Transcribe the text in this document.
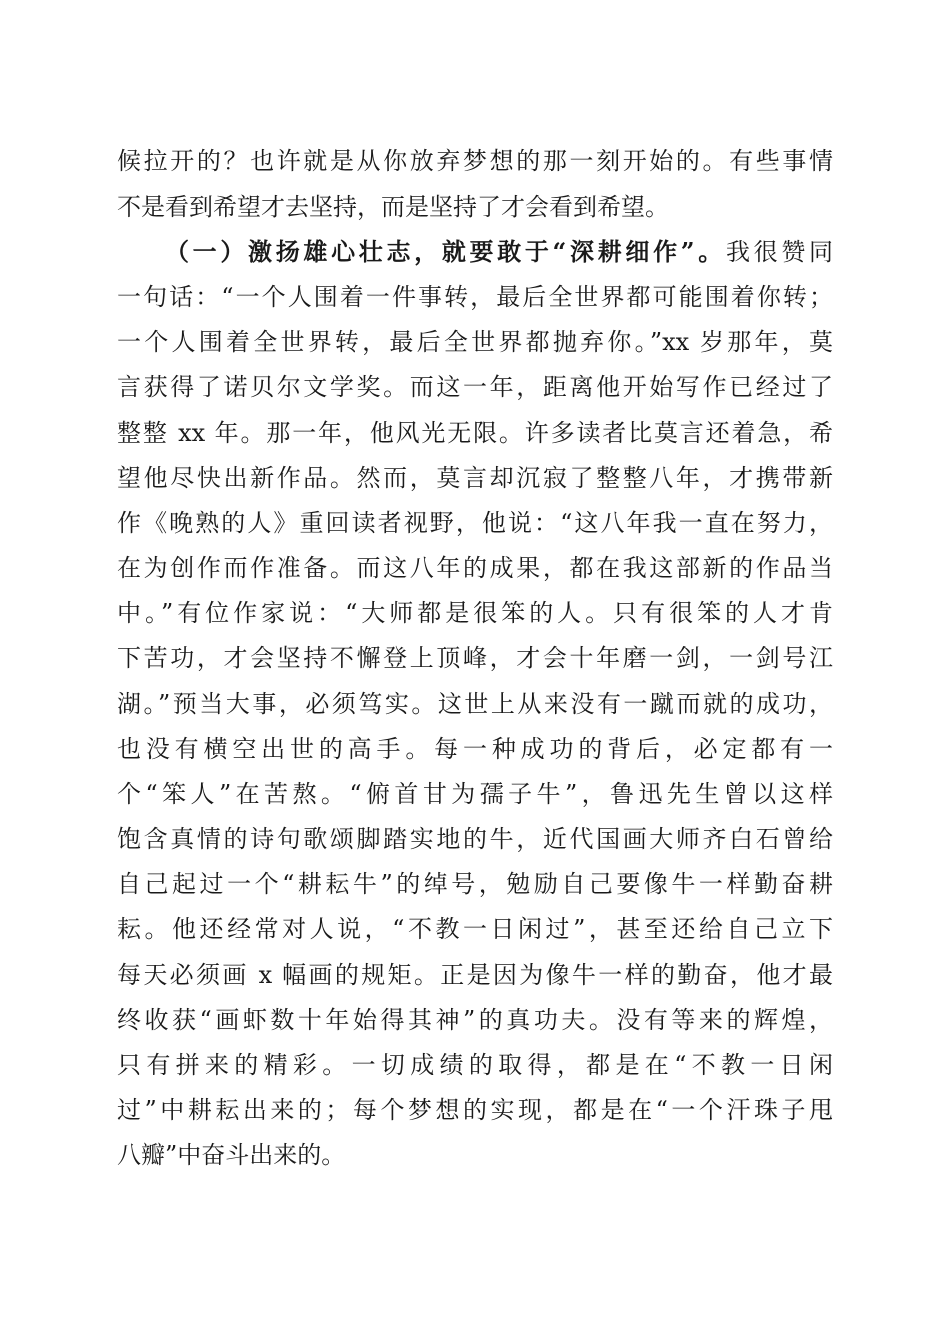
候拉开的？也许就是从你放弃梦想的那一刻开始的。有些事情
不是看到希望才去坚持，而是坚持了才会看到希望。
（一）激扬雄心壮志，就要敢于“深耕细作”。我很赞同
一句话：“一个人围着一件事转，最后全世界都可能围着你转；
一个人围着全世界转，最后全世界都抛弃你。”xx 岁那年，莫
言获得了诺贝尔文学奖。而这一年，距离他开始写作已经过了
整整 xx 年。那一年，他风光无限。许多读者比莫言还着急，希
望他尽快出新作品。然而，莫言却沉寂了整整八年，才携带新
作《晚熟的人》重回读者视野，他说：“这八年我一直在努力，
在为创作而作准备。而这八年的成果，都在我这部新的作品当
中。”有位作家说：“大师都是很笨的人。只有很笨的人才肯
下苦功，才会坚持不懈登上顶峰，才会十年磨一剑，一剑号江
湖。”预当大事，必须笃实。这世上从来没有一蹴而就的成功，
也没有横空出世的高手。每一种成功的背后，必定都有一
个“笨人”在苦熬。“俯首甘为孺子牛”，鲁迅先生曾以这样
饱含真情的诗句歌颂脚踏实地的牛，近代国画大师齐白石曾给
自己起过一个“耕耘牛”的绰号，勉励自己要像牛一样勤奋耕
耘。他还经常对人说，“不教一日闲过”，甚至还给自己立下
每天必须画 x 幅画的规矩。正是因为像牛一样的勤奋，他才最
终收获“画虾数十年始得其神”的真功夫。没有等来的辉煌，
只有拼来的精彩。一切成绩的取得，都是在“不教一日闲
过”中耕耘出来的；每个梦想的实现，都是在“一个汗珠子甩
八瓣”中奋斗出来的。
